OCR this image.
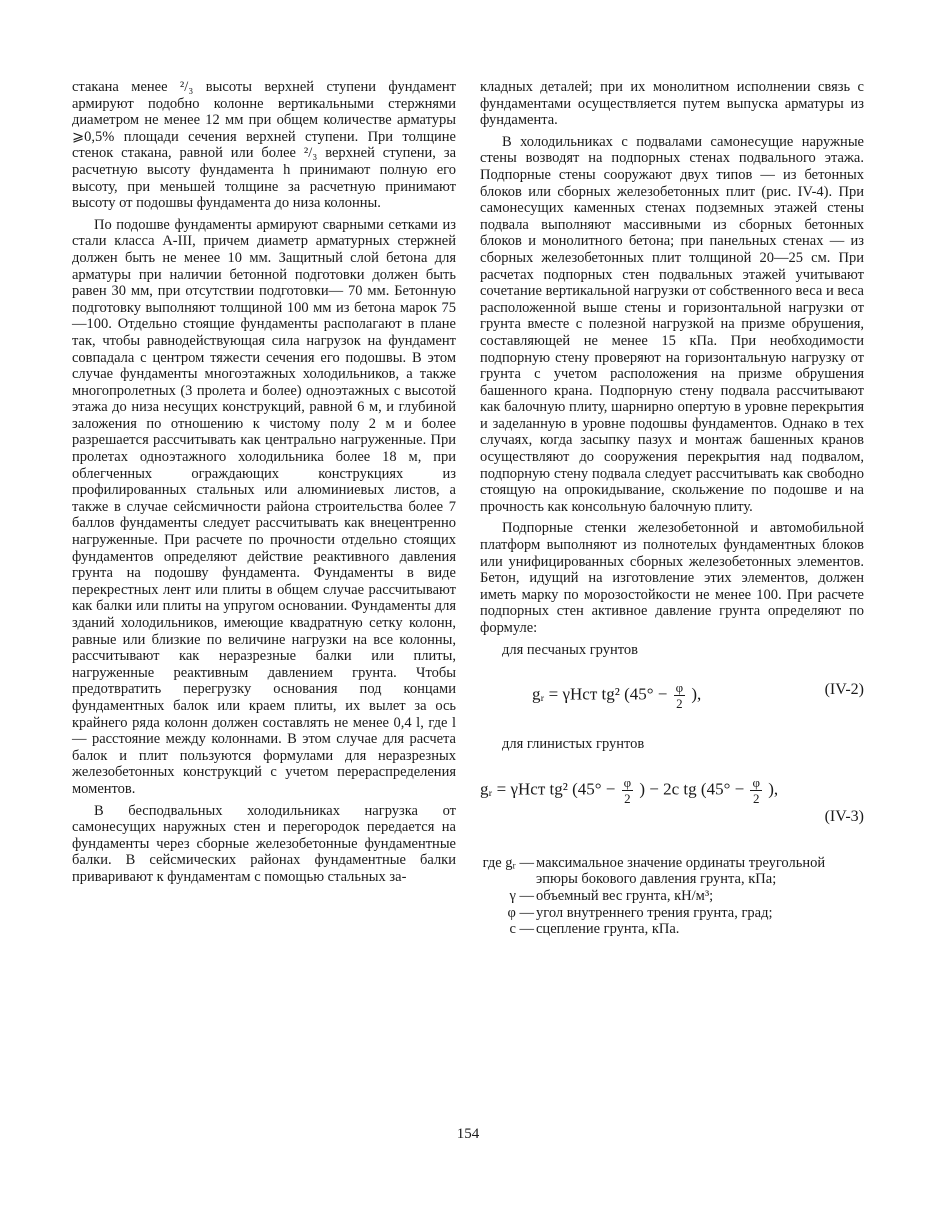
стакана менее ²/₃ высоты верхней ступени фундамент армируют подобно колонне вертикальными стержнями диаметром не менее 12 мм при общем количестве арматуры ⩾0,5% площади сечения верхней ступени. При толщине стенок стакана, равной или более ²/₃ верхней ступени, за расчетную высоту фундамента h принимают полную его высоту, при меньшей толщине за расчетную принимают высоту от подошвы фундамента до низа колонны.

По подошве фундаменты армируют сварными сетками из стали класса А-III, причем диаметр арматурных стержней должен быть не менее 10 мм. Защитный слой бетона для арматуры при наличии бетонной подготовки должен быть равен 30 мм, при отсутствии подготовки— 70 мм. Бетонную подготовку выполняют толщиной 100 мм из бетона марок 75—100. Отдельно стоящие фундаменты располагают в плане так, чтобы равнодействующая сила нагрузок на фундамент совпадала с центром тяжести сечения его подошвы. В этом случае фундаменты многоэтажных холодильников, а также многопролетных (3 пролета и более) одноэтажных с высотой этажа до низа несущих конструкций, равной 6 м, и глубиной заложения по отношению к чистому полу 2 м и более разрешается рассчитывать как центрально нагруженные. При пролетах одноэтажного холодильника более 18 м, при облегченных ограждающих конструкциях из профилированных стальных или алюминиевых листов, а также в случае сейсмичности района строительства более 7 баллов фундаменты следует рассчитывать как внецентренно нагруженные. При расчете по прочности отдельно стоящих фундаментов определяют действие реактивного давления грунта на подошву фундамента. Фундаменты в виде перекрестных лент или плиты в общем случае рассчитывают как балки или плиты на упругом основании. Фундаменты для зданий холодильников, имеющие квадратную сетку колонн, равные или близкие по величине нагрузки на все колонны, рассчитывают как неразрезные балки или плиты, нагруженные реактивным давлением грунта. Чтобы предотвратить перегрузку основания под концами фундаментных балок или краем плиты, их вылет за ось крайнего ряда колонн должен составлять не менее 0,4 l, где l — расстояние между колоннами. В этом случае для расчета балок и плит пользуются формулами для неразрезных железобетонных конструкций с учетом перераспределения моментов.

В бесподвальных холодильниках нагрузка от самонесущих наружных стен и перегородок передается на фундаменты через сборные железобетонные фундаментные балки. В сейсмических районах фундаментные балки приваривают к фундаментам с помощью стальных за-

кладных деталей; при их монолитном исполнении связь с фундаментами осуществляется путем выпуска арматуры из фундамента.

В холодильниках с подвалами самонесущие наружные стены возводят на подпорных стенах подвального этажа. Подпорные стены сооружают двух типов — из бетонных блоков или сборных железобетонных плит (рис. IV-4). При самонесущих каменных стенах подземных этажей стены подвала выполняют массивными из сборных бетонных блоков и монолитного бетона; при панельных стенах — из сборных железобетонных плит толщиной 20—25 см. При расчетах подпорных стен подвальных этажей учитывают сочетание вертикальной нагрузки от собственного веса и веса расположенной выше стены и горизонтальной нагрузки от грунта вместе с полезной нагрузкой на призме обрушения, составляющей не менее 15 кПа. При необходимости подпорную стену проверяют на горизонтальную нагрузку от грунта с учетом расположения на призме обрушения башенного крана. Подпорную стену подвала рассчитывают как балочную плиту, шарнирно опертую в уровне перекрытия и заделанную в уровне подошвы фундаментов. Однако в тех случаях, когда засыпку пазух и монтаж башенных кранов осуществляют до сооружения перекрытия над подвалом, подпорную стену подвала следует рассчитывать как свободно стоящую на опрокидывание, скольжение по подошве и на прочность как консольную балочную плиту.

Подпорные стенки железобетонной и автомобильной платформ выполняют из полнотелых фундаментных блоков или унифицированных сборных железобетонных элементов. Бетон, идущий на изготовление этих элементов, должен иметь марку по морозостойкости не менее 100. При расчете подпорных стен активное давление грунта определяют по формуле:

для песчаных грунтов

gᵣ = γHст tg² ($45^\circ - \frac{\varphi}{2}$ ),	(IV-2)

для глинистых грунтов

gᵣ = γHст tg² ($45^\circ - \frac{\varphi}{2}$ ) − 2c tg ($45^\circ - \frac{\varphi}{2}$ ),
(IV-3)
где gᵣ — максимальное значение ординаты треугольной эпюры бокового давления грунта, кПа;
γ — объемный вес грунта, кН/м³;
φ — угол внутреннего трения грунта, град;
c — сцепление грунта, кПа.
154
